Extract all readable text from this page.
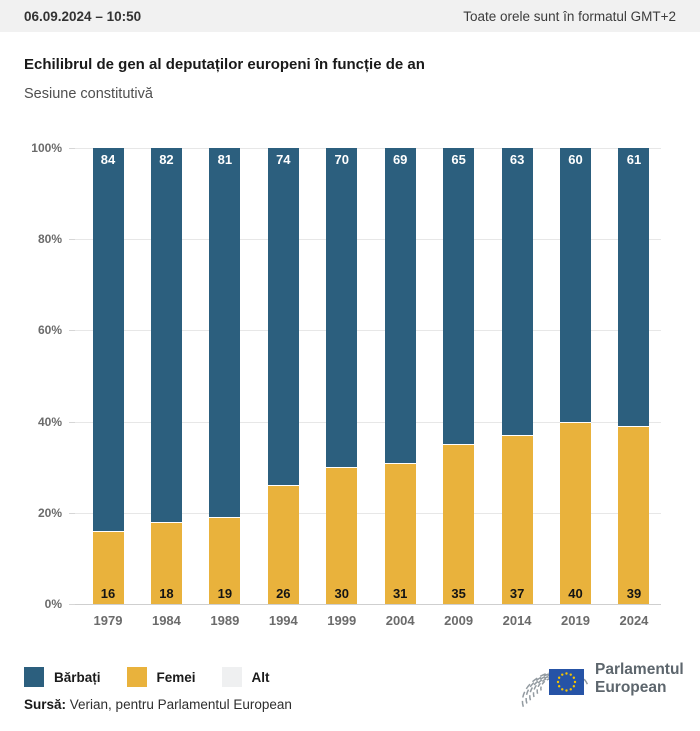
06.09.2024 – 10:50	Toate orele sunt în formatul GMT+2
Echilibrul de gen al deputaților europeni în funcție de an
Sesiune constitutivă
84
16
82
18
81
19
74
26
70
30
69
31
65
35
63
37
60
40
61
39
0%
20%
40%
60%
80%
100%
1979	1984	1989	1994	1999	2004	2009	2014	2019	2024
Bărbați	Femei	Alt
Sursă: Verian, pentru Parlamentul European
Parlamentul
European
